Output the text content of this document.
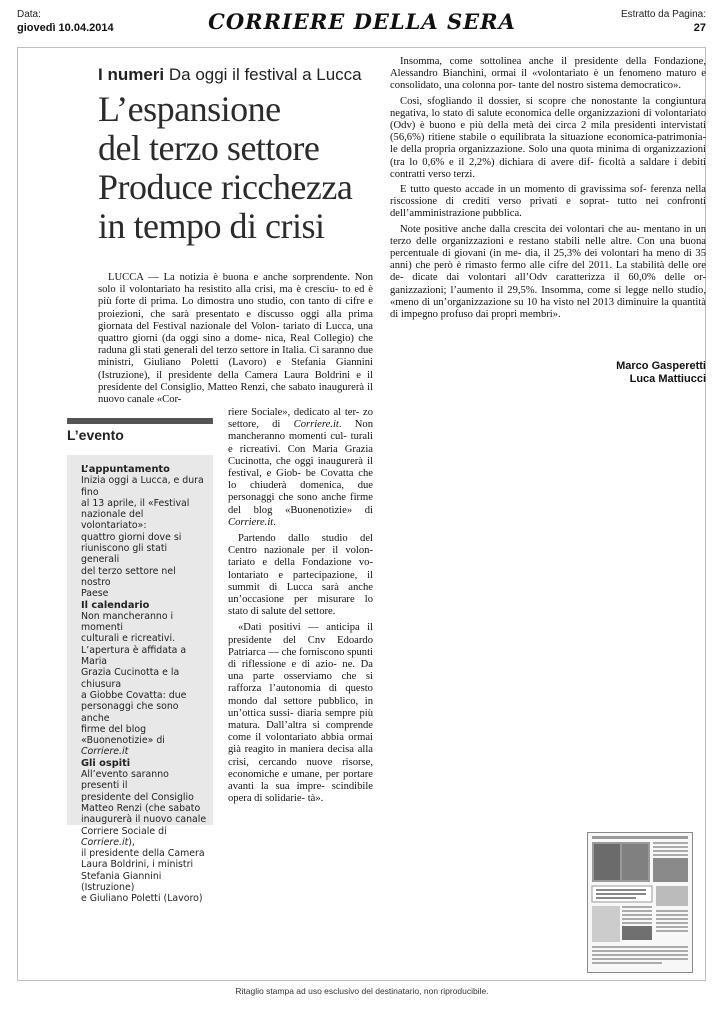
Data:
giovedì 10.04.2014	CORRIERE DELLA SERA	Estratto da Pagina:
27
I numeri Da oggi il festival a Lucca
L’espansione
del terzo settore
Produce ricchezza
in tempo di crisi

LUCCA — La notizia è buona e anche sorprendente. Non solo il volontariato ha resistito alla crisi, ma è cresciu- to ed è più forte di prima. Lo dimostra uno studio, con tanto di cifre e proiezioni, che sarà presentato e discusso oggi alla prima giornata del Festival nazionale del Volon- tariato di Lucca, una quattro giorni (da oggi sino a dome- nica, Real Collegio) che raduna gli stati generali del terzo settore in Italia. Ci saranno due ministri, Giuliano Poletti (Lavoro) e Stefania Giannini (Istruzione), il presidente della Camera Laura Boldrini e il presidente del Consiglio, Matteo Renzi, che sabato inaugurerà il nuovo canale «Cor-

riere Sociale», dedicato al ter- zo settore, di Corriere.it. Non mancheranno momenti cul- turali e ricreativi. Con Maria Grazia Cucinotta, che oggi inaugurerà il festival, e Giob- be Covatta che lo chiuderà domenica, due personaggi che sono anche firme del blog «Buonenotizie» di Corriere.it.

Partendo dallo studio del Centro nazionale per il volon- tariato e della Fondazione vo- lontariato e partecipazione, il summit di Lucca sarà anche un’occasione per misurare lo stato di salute del settore.

«Dati positivi — anticipa il presidente del Cnv Edoardo Patriarca — che forniscono spunti di riflessione e di azio- ne. Da una parte osserviamo che si rafforza l’autonomia di questo mondo dal settore pubblico, in un’ottica sussi- diaria sempre più matura. Dall’altra si comprende come il volontariato abbia ormai già reagito in maniera decisa alla crisi, cercando nuove risorse, economiche e umane, per portare avanti la sua impre- scindibile opera di solidarie- tà».

Insomma, come sottolinea anche il presidente della Fondazione, Alessandro Bianchini, ormai il «volontariato è un fenomeno maturo e consolidato, una colonna por- tante del nostro sistema democratico».

Così, sfogliando il dossier, si scopre che nonostante la congiuntura negativa, lo stato di salute economica delle organizzazioni di volontariato (Odv) è buono e più della metà dei circa 2 mila presidenti intervistati (56,6%) ritiene stabile o equilibrata la situazione economica-patrimonia- le della propria organizzazione. Solo una quota minima di organizzazioni (tra lo 0,6% e il 2,2%) dichiara di avere dif- ficoltà a saldare i debiti contratti verso terzi.

E tutto questo accade in un momento di gravissima sof- ferenza nella riscossione di crediti verso privati e soprat- tutto nei confronti dell’amministrazione pubblica.

Note positive anche dalla crescita dei volontari che au- mentano in un terzo delle organizzazioni e restano stabili nelle altre. Con una buona percentuale di giovani (in me- dia, il 25,3% dei volontari ha meno di 35 anni) che però è rimasto fermo alle cifre del 2011. La stabilità delle ore de- dicate dai volontari all’Odv caratterizza il 60,0% delle or- ganizzazioni; l’aumento il 29,5%. Insomma, come si legge nello studio, «meno di un’organizzazione su 10 ha visto nel 2013 diminuire la quantità di impegno profuso dai propri membri».

Marco Gasperetti
Luca Mattiucci
L’evento
L’appuntamento
Inizia oggi a Lucca, e dura fino
al 13 aprile, il «Festival
nazionale del volontariato»:
quattro giorni dove si
riuniscono gli stati generali
del terzo settore nel nostro
Paese
Il calendario
Non mancheranno i momenti
culturali e ricreativi.
L’apertura è affidata a Maria
Grazia Cucinotta e la chiusura
a Giobbe Covatta: due
personaggi che sono anche
firme del blog
«Buonenotizie» di Corriere.it
Gli ospiti
All’evento saranno presenti il
presidente del Consiglio
Matteo Renzi (che sabato
inaugurerà il nuovo canale
Corriere Sociale di Corriere.it),
il presidente della Camera
Laura Boldrini, i ministri
Stefania Giannini (Istruzione)
e Giuliano Poletti (Lavoro)
Ritaglio stampa ad uso esclusivo del destinatario, non riproducibile.
